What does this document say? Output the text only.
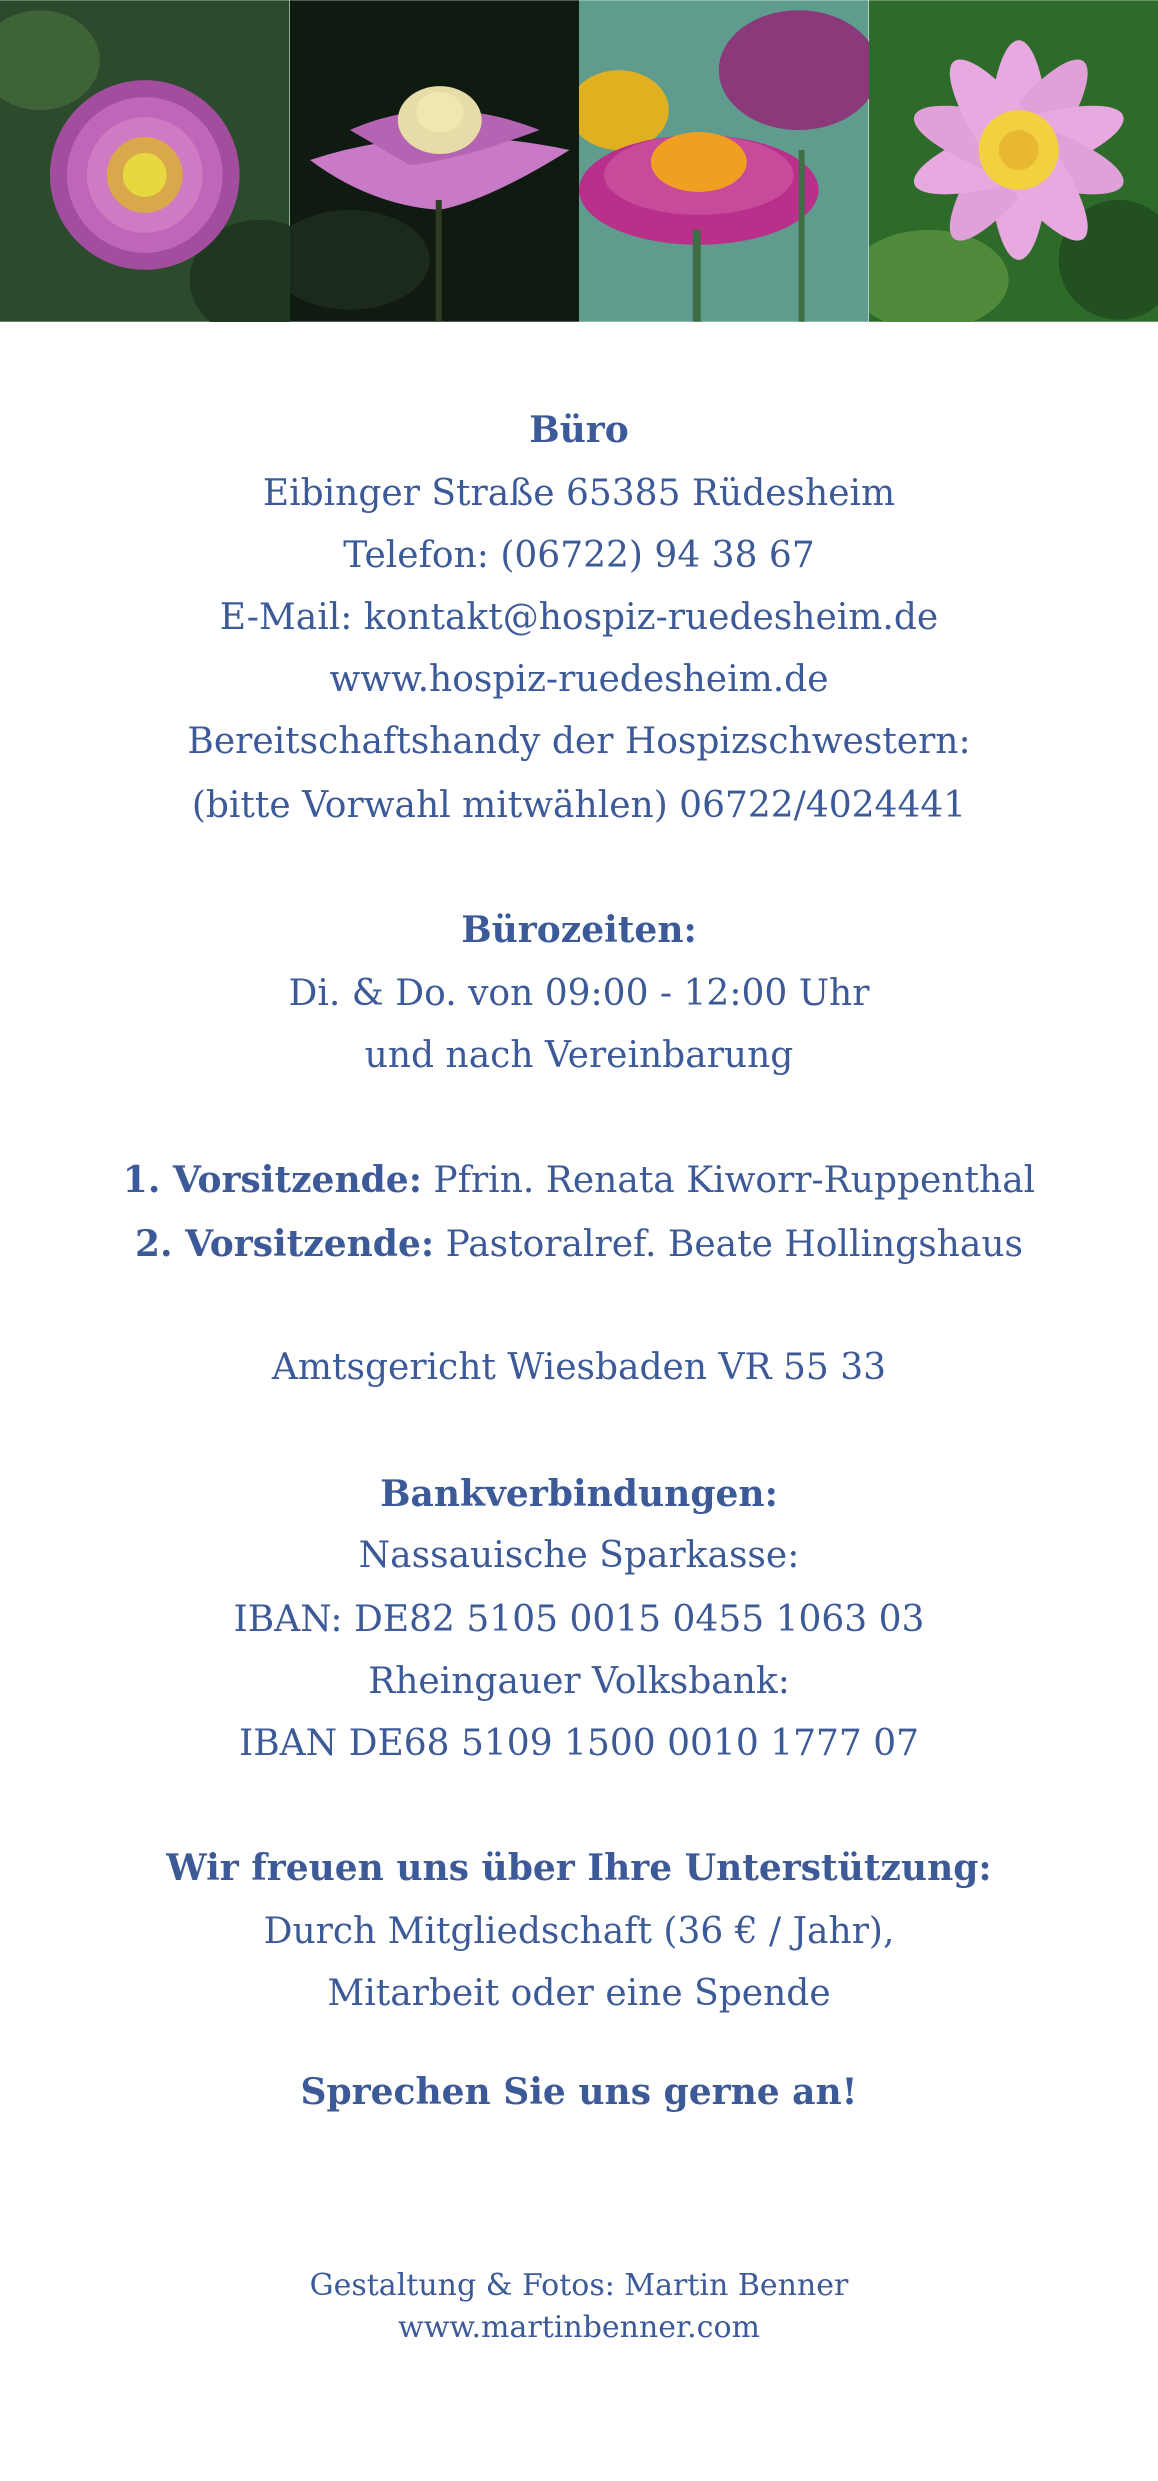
Büro
Eibinger Straße 65385 Rüdesheim
Telefon: (06722) 94 38 67
E-Mail: kontakt@hospiz-ruedesheim.de
www.hospiz-ruedesheim.de
Bereitschaftshandy der Hospizschwestern:
(bitte Vorwahl mitwählen) 06722/4024441
Bürozeiten:
Di. & Do. von 09:00 - 12:00 Uhr
und nach Vereinbarung
1. Vorsitzende: Pfrin. Renata Kiworr-Ruppenthal
2. Vorsitzende: Pastoralref. Beate Hollingshaus
Amtsgericht Wiesbaden VR 55 33
Bankverbindungen:
Nassauische Sparkasse:
IBAN: DE82 5105 0015 0455 1063 03
Rheingauer Volksbank:
IBAN DE68 5109 1500 0010 1777 07
Wir freuen uns über Ihre Unterstützung:
Durch Mitgliedschaft (36 € / Jahr),
Mitarbeit oder eine Spende
Sprechen Sie uns gerne an!
Gestaltung & Fotos: Martin Benner
www.martinbenner.com
